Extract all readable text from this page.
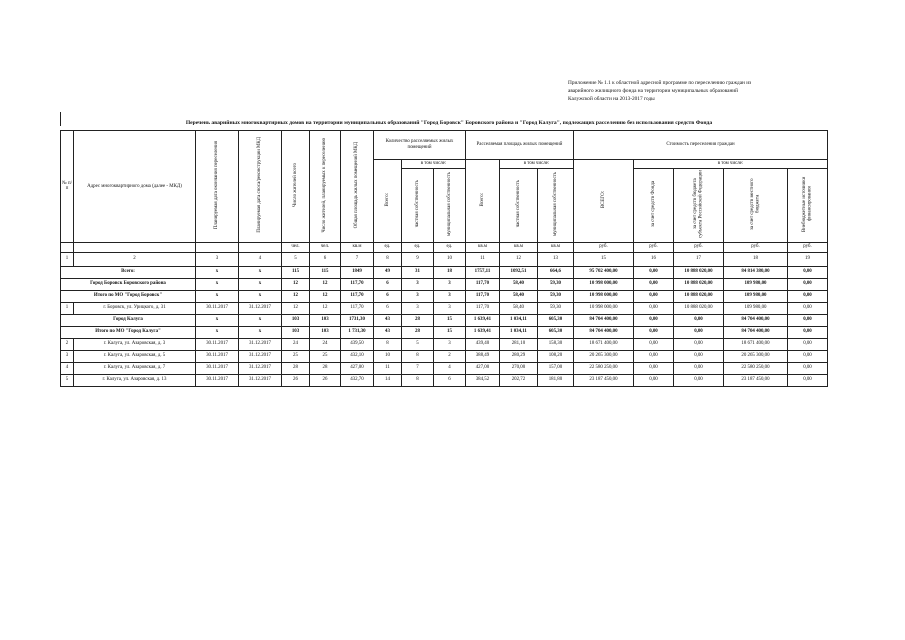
Приложение № 1.1 к областной адресной программе по переселению граждан из
аварийного жилищного фонда на территории муниципальных образований
Калужской области на 2013-2017 годы
Перечень аварийных многоквартирных домов на территории муниципальных образований "Город Боровск" Боровского района и "Город Калуга", подлежащих расселению без использования средств Фонда
№ п/п	Адрес многоквартирного дома (далее - МКД)	Планируемая дата окончания переселения	Планируемая дата сноса/реконструкции МКД	Число жителей всего	Число жителей, планируемых к переселению	Общая площадь жилых помещений МКД	Количество расселяемых жилых помещений			Расселяемая площадь жилых помещений			Стоимость переселения граждан				
							Всего:	в том числе:		Всего:	в том числе:		ВСЕГО:	в том числе:			
								частная собственность	муниципальная собственность		частная собственность	муниципальная собственность		за счет средств Фонда	за счет средств бюджета субъекта Российской Федерации	за счет средств местного бюджета	Внебюджетные источники финансирования
				чел.	чел.	кв.м	ед.	ед.	ед.	кв.м	кв.м	кв.м	руб.	руб.	руб.	руб.	руб.
1	2	3	4	5	6	7	8	9	10	11	12	13	15	16	17	18	19
Всего:		x	x	115	115	1849	49	31	18	1757,11	1092,51	664,6	95 702 400,00	0,00	10 888 020,00	84 814 380,00	0,00
Город Боровск Боровского района		x	x	12	12	117,70	6	3	3	117,70	58,40	59,30	10 998 000,00	0,00	10 888 020,00	109 980,00	0,00
Итого по МО "Город Боровск"		x	x	12	12	117,70	6	3	3	117,70	58,40	59,30	10 998 000,00	0,00	10 888 020,00	109 980,00	0,00
1	г. Боровск, ул. Урицкого, д. 31	30.11.2017	31.12.2017	12	12	117,70	6	3	3	117,70	58,40	59,30	10 998 000,00	0,00	10 888 020,00	109 980,00	0,00
Город Калуга		x	x	103	103	1731,30	43	28	15	1 639,41	1 034,11	605,30	84 704 400,00	0,00	0,00	84 704 400,00	0,00
Итого по МО "Город Калуга"		x	x	103	103	1 731,30	43	28	15	1 639,41	1 034,11	605,30	84 704 400,00	0,00	0,00	84 704 400,00	0,00
2	г. Калуга, ул. Азаровская, д. 3	30.11.2017	31.12.2017	24	24	439,50	8	5	3	439,40	281,10	158,30	18 671 400,00	0,00	0,00	18 671 400,00	0,00
3	г. Калуга, ул. Азаровская, д. 5	30.11.2017	31.12.2017	25	25	432,10	10	8	2	388,49	280,29	108,20	20 265 300,00	0,00	0,00	20 265 300,00	0,00
4	г. Калуга, ул. Азаровская, д. 7	30.11.2017	31.12.2017	28	28	427,00	11	7	4	427,00	270,00	157,00	22 580 250,00	0,00	0,00	22 580 250,00	0,00
5	г. Калуга, ул. Азаровская, д. 13	30.11.2017	31.12.2017	26	26	432,70	14	8	6	384,52	202,72	181,80	23 187 450,00	0,00	0,00	23 187 450,00	0,00
